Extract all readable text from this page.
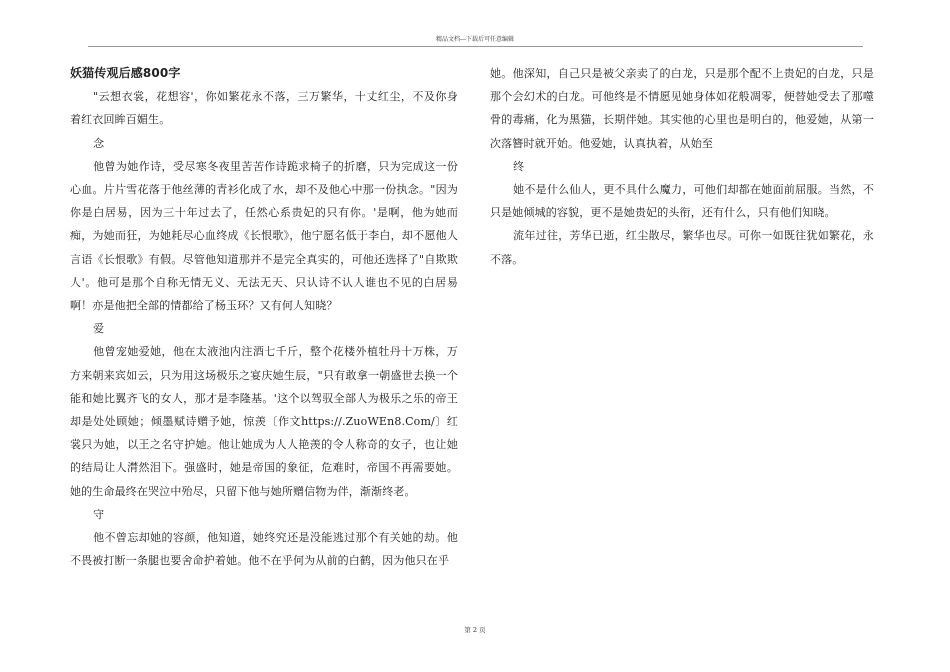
精品文档---下载后可任意编辑

妖猫传观后感800字

"云想衣裳，花想容'，你如繁花永不落，三万繁华，十丈红尘，不及你身着红衣回眸百媚生。

念

他曾为她作诗，受尽寒冬夜里苦苦作诗跪求椅子的折磨，只为完成这一份心血。片片雪花落于他丝薄的青衫化成了水，却不及他心中那一份执念。"因为你是白居易，因为三十年过去了，任然心系贵妃的只有你。'是啊，他为她而痴，为她而狂，为她耗尽心血终成《长恨歌》，他宁愿名低于李白，却不愿他人言语《长恨歌》有假。尽管他知道那并不是完全真实的，可他还选择了"自欺欺人'。他可是那个自称无情无义、无法无天、只认诗不认人谁也不见的白居易啊！亦是他把全部的情都给了杨玉环？又有何人知晓？

爱

他曾宠她爱她，他在太液池内注酒七千斤，整个花楼外植牡丹十万株，万方来朝来宾如云，只为用这场极乐之宴庆她生辰，"只有敢拿一朝盛世去换一个能和她比翼齐飞的女人，那才是李隆基。'这个以驾驭全部人为极乐之乐的帝王却是处处顾她；倾墨赋诗赠予她，惊羡〔作文https://.ZuoWEn8.Com/〕红裳只为她，以王之名守护她。他让她成为人人艳羡的令人称奇的女子，也让她的结局让人潸然泪下。强盛时，她是帝国的象征，危难时，帝国不再需要她。她的生命最终在哭泣中殆尽，只留下他与她所赠信物为伴，渐渐终老。

守

他不曾忘却她的容颜，他知道，她终究还是没能逃过那个有关她的劫。他不畏被打断一条腿也要舍命护着她。他不在乎何为从前的白鹤，因为他只在乎

她。他深知，自己只是被父亲卖了的白龙，只是那个配不上贵妃的白龙，只是那个会幻术的白龙。可他终是不情愿见她身体如花般凋零，便替她受去了那噬骨的毒痛，化为黑猫，长期伴她。其实他的心里也是明白的，他爱她，从第一次落簪时就开始。他爱她，认真执着，从始至

终

她不是什么仙人，更不具什么魔力，可他们却都在她面前屈服。当然，不只是她倾城的容貌，更不是她贵妃的头衔，还有什么，只有他们知晓。

流年过往，芳华已逝，红尘散尽，繁华也尽。可你一如既往犹如繁花，永不落。

第 2 页
